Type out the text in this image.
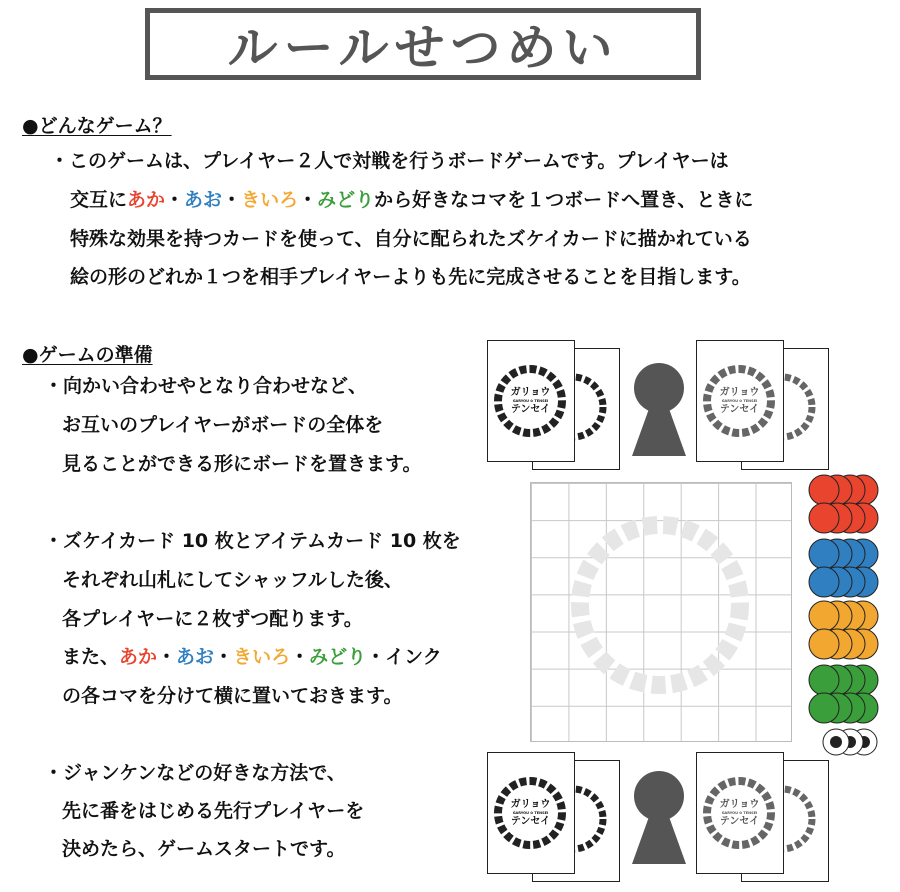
ルールせつめい
●どんなゲーム？
・このゲームは、プレイヤー２人で対戦を行うボードゲームです。プレイヤーは
交互にあか・あお・きいろ・みどりから好きなコマを１つボードへ置き、ときに
特殊な効果を持つカードを使って、自分に配られたズケイカードに描かれている
絵の形のどれか１つを相手プレイヤーよりも先に完成させることを目指します。
●ゲームの準備
・向かい合わせやとなり合わせなど、
お互いのプレイヤーがボードの全体を
見ることができる形にボードを置きます。
・ズケイカード 10 枚とアイテムカード 10 枚を
それぞれ山札にしてシャッフルした後、
各プレイヤーに２枚ずつ配ります。
また、あか・あお・きいろ・みどり・インク
の各コマを分けて横に置いておきます。
・ジャンケンなどの好きな方法で、
先に番をはじめる先行プレイヤーを
決めたら、ゲームスタートです。
ガリョウ
GARYOU ✿ TENSEI
テンセイ
ガリョウ
GARYOU ✿ TENSEI
テンセイ
ガリョウ
GARYOU ✿ TENSEI
テンセイ
ガリョウ
GARYOU ✿ TENSEI
テンセイ
